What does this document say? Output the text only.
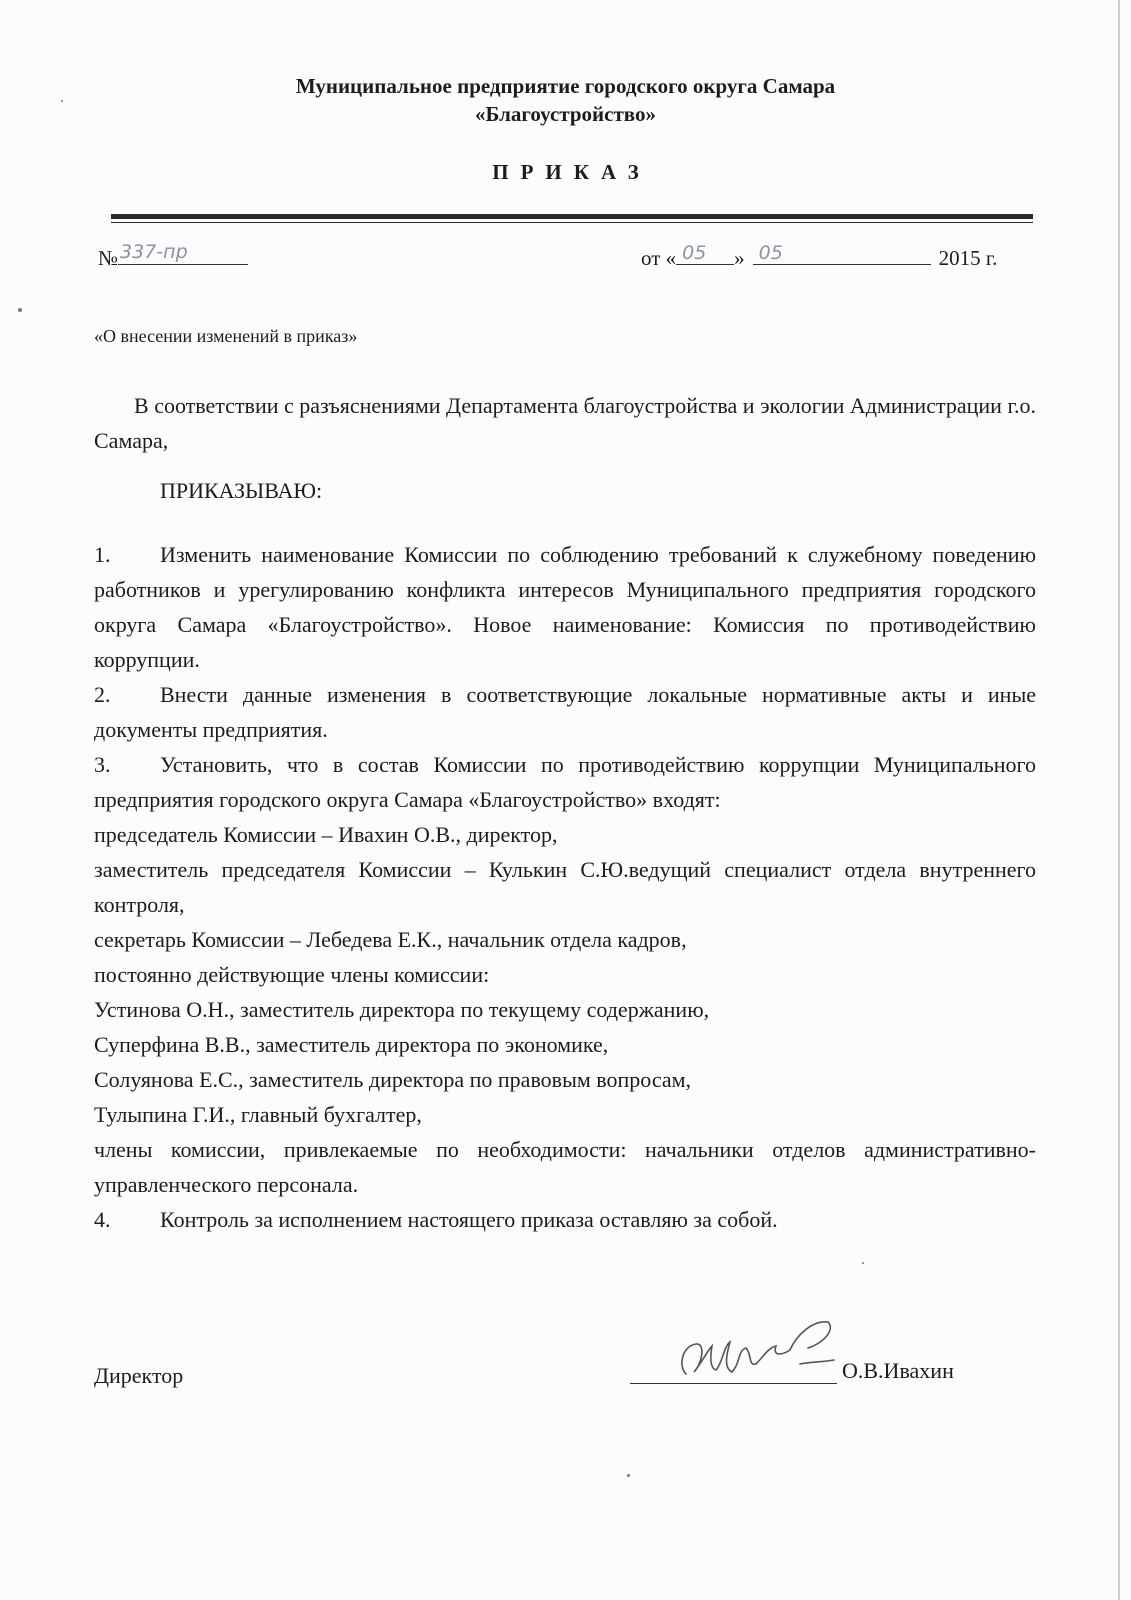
Муниципальное предприятие городского округа Самара
«Благоустройство»
ПРИКАЗ
№ 337-пр	от « 05 » 05	2015 г.
«О внесении изменений в приказ»

В соответствии с разъяснениями Департамента благоустройства и экологии Администрации г.о. Самара,

ПРИКАЗЫВАЮ:

1. Изменить наименование Комиссии по соблюдению требований к служебному поведению работников и урегулированию конфликта интересов Муниципального предприятия городского округа Самара «Благоустройство». Новое наименование: Комиссия по противодействию коррупции.

2. Внести данные изменения в соответствующие локальные нормативные акты и иные документы предприятия.

3. Установить, что в состав Комиссии по противодействию коррупции Муниципального предприятия городского округа Самара «Благоустройство» входят:

председатель Комиссии – Ивахин О.В., директор,

заместитель председателя Комиссии – Кулькин С.Ю.ведущий специалист отдела внутреннего контроля,

секретарь Комиссии – Лебедева Е.К., начальник отдела кадров,

постоянно действующие члены комиссии:

Устинова О.Н., заместитель директора по текущему содержанию,

Суперфина В.В., заместитель директора по экономике,

Солуянова Е.С., заместитель директора по правовым вопросам,

Тулыпина Г.И., главный бухгалтер,

члены комиссии, привлекаемые по необходимости: начальники отделов административно-управленческого персонала.

4. Контроль за исполнением настоящего приказа оставляю за собой.

Директор	О.В.Ивахин
